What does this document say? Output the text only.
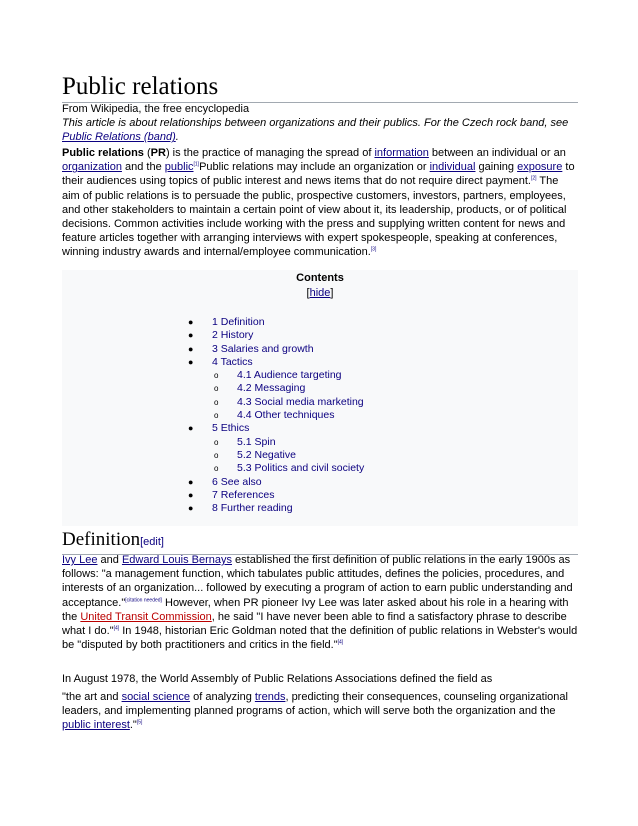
Public relations
From Wikipedia, the free encyclopedia
This article is about relationships between organizations and their publics. For the Czech rock band, see Public Relations (band).
Public relations (PR) is the practice of managing the spread of information between an individual or an organization and the public[1]Public relations may include an organization or individual gaining exposure to their audiences using topics of public interest and news items that do not require direct payment.[2] The aim of public relations is to persuade the public, prospective customers, investors, partners, employees, and other stakeholders to maintain a certain point of view about it, its leadership, products, or of political decisions. Common activities include working with the press and supplying written content for news and feature articles together with arranging interviews with expert spokespeople, speaking at conferences, winning industry awards and internal/employee communication.[3]
Contents
[hide]
● 1 Definition
● 2 History
● 3 Salaries and growth
● 4 Tactics
o 4.1 Audience targeting
o 4.2 Messaging
o 4.3 Social media marketing
o 4.4 Other techniques
● 5 Ethics
o 5.1 Spin
o 5.2 Negative
o 5.3 Politics and civil society
● 6 See also
● 7 References
● 8 Further reading
Definition[edit]
Ivy Lee and Edward Louis Bernays established the first definition of public relations in the early 1900s as follows: "a management function, which tabulates public attitudes, defines the policies, procedures, and interests of an organization... followed by executing a program of action to earn public understanding and acceptance."[citation needed] However, when PR pioneer Ivy Lee was later asked about his role in a hearing with the United Transit Commission, he said "I have never been able to find a satisfactory phrase to describe what I do."[4] In 1948, historian Eric Goldman noted that the definition of public relations in Webster's would be "disputed by both practitioners and critics in the field."[4]
In August 1978, the World Assembly of Public Relations Associations defined the field as
"the art and social science of analyzing trends, predicting their consequences, counseling organizational leaders, and implementing planned programs of action, which will serve both the organization and the public interest."[5]
